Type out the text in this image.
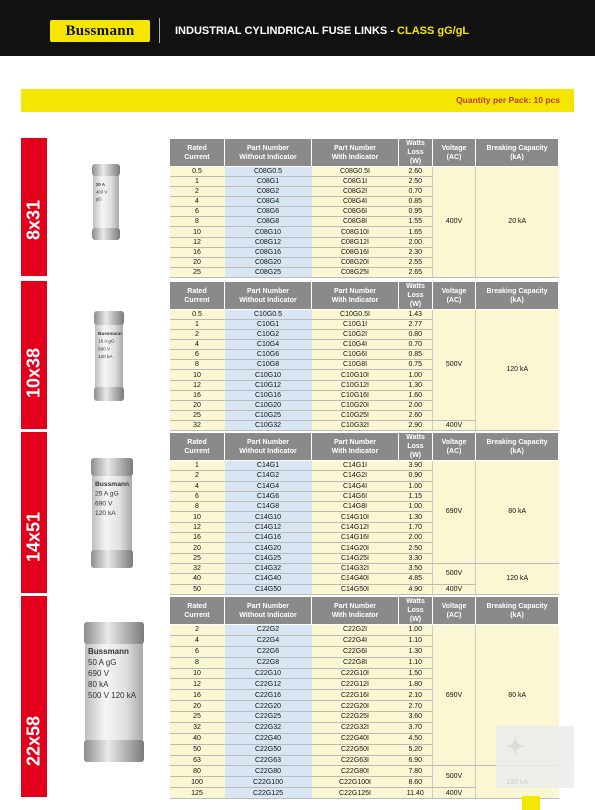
Bussmann	INDUSTRIAL CYLINDRICAL FUSE LINKS - CLASS gG/gL
Quantity per Pack: 10 pcs
8x31
20 A
400 V
gG
Rated
Current	Part Number
Without Indicator	Part Number
With Indicator	Watts Loss
(W)	Voltage
(AC)	Breaking Capacity
(kA)
0.5	C08G0.5	C08G0.5I	2.60	400V	20 kA
1	C08G1	C08G1I	2.50		
2	C08G2	C08G2I	0.70		
4	C08G4	C08G4I	0.85		
6	C08G6	C08G6I	0.95		
8	C08G8	C08G8I	1.55		
10	C08G10	C08G10I	1.65		
12	C08G12	C08G12I	2.00		
16	C08G16	C08G16I	2.30		
20	C08G20	C08G20I	2.55		
25	C08G25	C08G25I	2.65		
10x38
Bussmann
16 A gG
500 V
120 kA
Rated
Current	Part Number
Without Indicator	Part Number
With Indicator	Watts Loss
(W)	Voltage
(AC)	Breaking Capacity
(kA)
0.5	C10G0.5	C10G0.5I	1.43	500V	120 kA
1	C10G1	C10G1I	2.77		
2	C10G2	C10G2I	0.80		
4	C10G4	C10G4I	0.70		
6	C10G6	C10G6I	0.85		
8	C10G8	C10G8I	0.75		
10	C10G10	C10G10I	1.00		
12	C10G12	C10G12I	1.30		
16	C10G16	C10G16I	1.60		
20	C10G20	C10G20I	2.00		
25	C10G25	C10G25I	2.60		
32	C10G32	C10G32I	2.90	400V	
14x51
Bussmann
25 A gG
690 V
120 kA
Rated
Current	Part Number
Without Indicator	Part Number
With Indicator	Watts Loss
(W)	Voltage
(AC)	Breaking Capacity
(kA)
1	C14G1	C14G1I	3.90	690V	80 kA
2	C14G2	C14G2I	0.90		
4	C14G4	C14G4I	1.00		
6	C14G6	C14G6I	1.15		
8	C14G8	C14G8I	1.00		
10	C14G10	C14G10I	1.30		
12	C14G12	C14G12I	1.70		
16	C14G16	C14G16I	2.00		
20	C14G20	C14G20I	2.50		
25	C14G25	C14G25I	3.30		
32	C14G32	C14G32I	3.50	500V	120 kA
40	C14G40	C14G40I	4.85		
50	C14G50	C14G50I	4.90	400V	
22x58
Bussmann
50 A gG
690 V
80 kA
500 V 120 kA
Rated
Current	Part Number
Without Indicator	Part Number
With Indicator	Watts Loss
(W)	Voltage
(AC)	Breaking Capacity
(kA)
2	C22G2	C22G2I	1.00	690V	80 kA
4	C22G4	C22G4I	1.10		
6	C22G6	C22G6I	1.30		
8	C22G8	C22G8I	1.10		
10	C22G10	C22G10I	1.50		
12	C22G12	C22G12I	1.80		
16	C22G16	C22G16I	2.10		
20	C22G20	C22G20I	2.70		
25	C22G25	C22G25I	3.60		
32	C22G32	C22G32I	3.70		
40	C22G40	C22G40I	4.50		
50	C22G50	C22G50I	5.20		
63	C22G63	C22G63I	6.90		
80	C22G80	C22G80I	7.80	500V	
100	C22G100	C22G100I	8.60		
125	C22G125	C22G125I	11.40	400V	
✦
